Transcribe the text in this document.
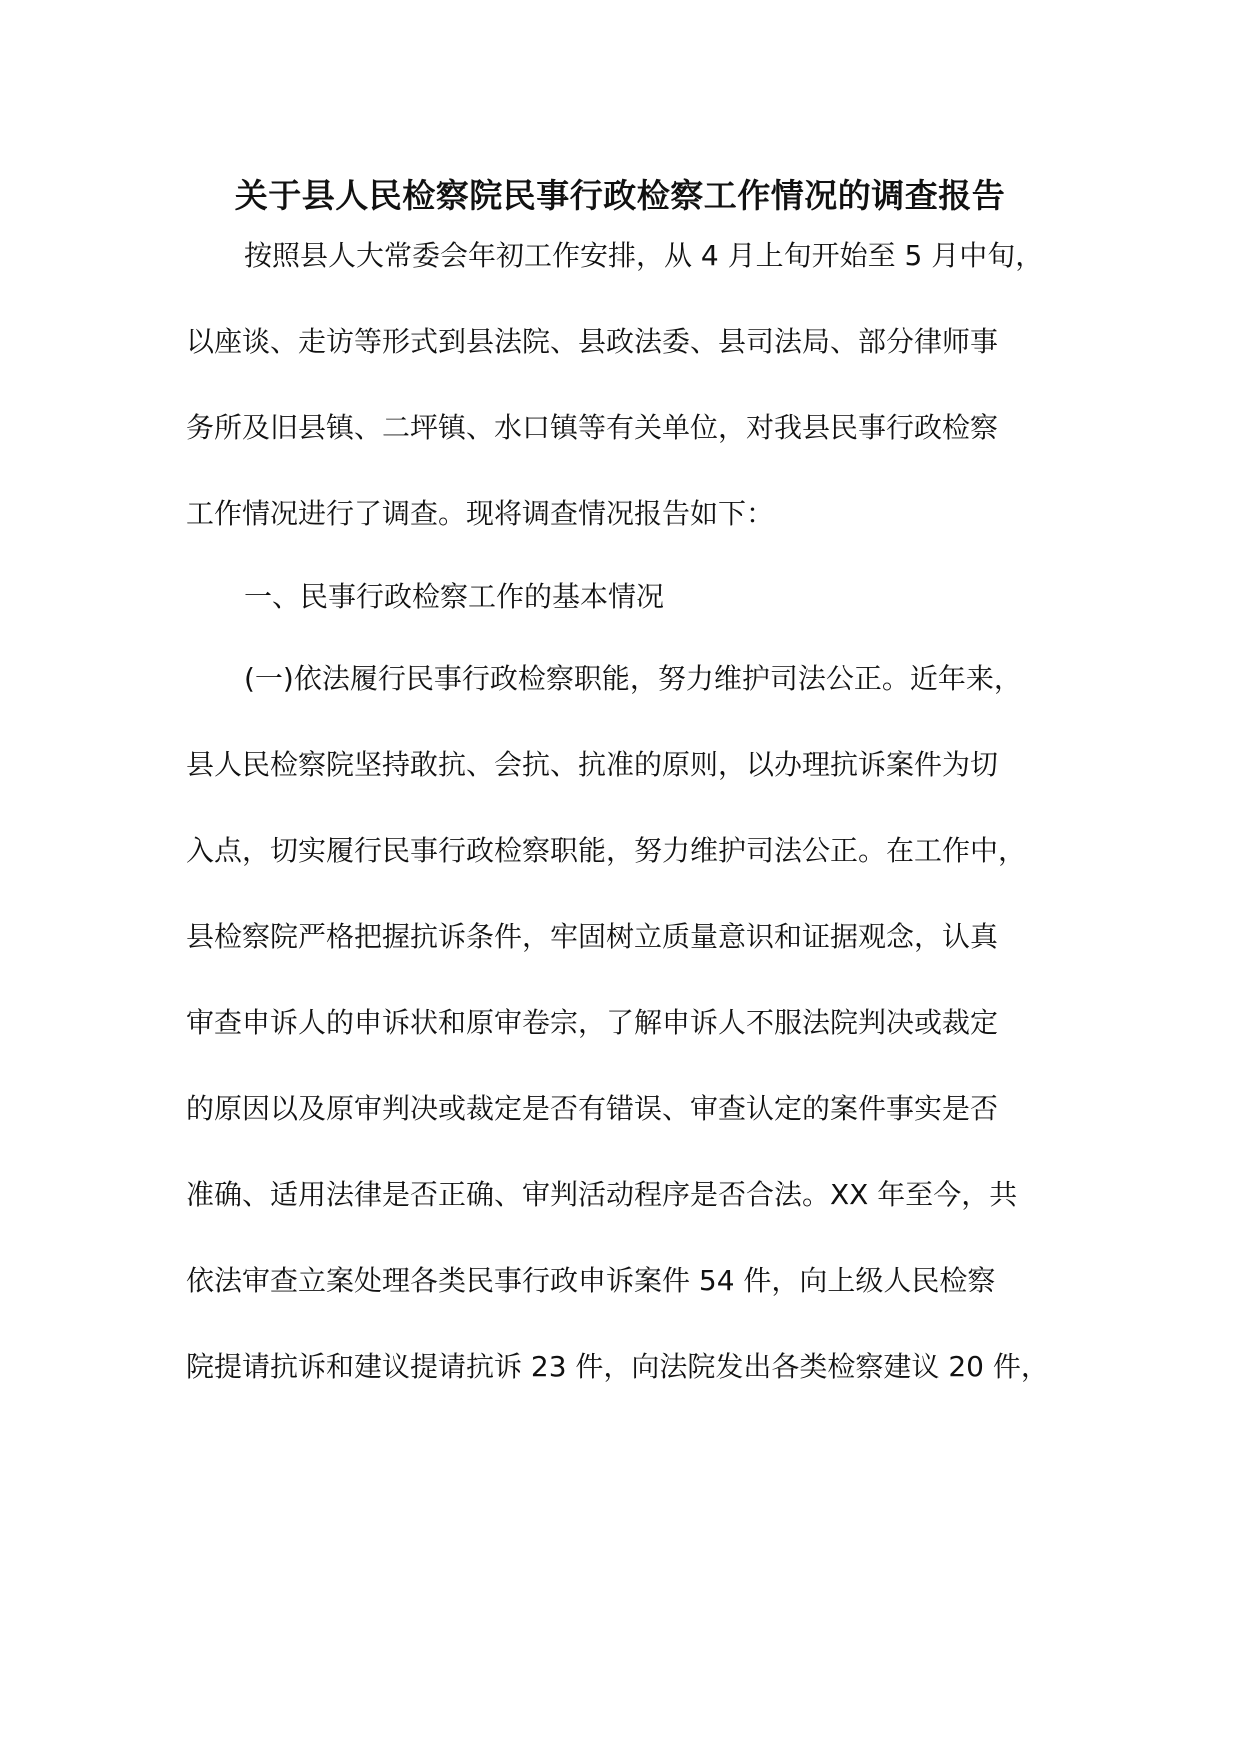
关于县人民检察院民事行政检察工作情况的调查报告
按照县人大常委会年初工作安排，从 4 月上旬开始至 5 月中旬，
以座谈、走访等形式到县法院、县政法委、县司法局、部分律师事
务所及旧县镇、二坪镇、水口镇等有关单位，对我县民事行政检察
工作情况进行了调查。现将调查情况报告如下：
一、民事行政检察工作的基本情况
(一)依法履行民事行政检察职能，努力维护司法公正。近年来，
县人民检察院坚持敢抗、会抗、抗准的原则，以办理抗诉案件为切
入点，切实履行民事行政检察职能，努力维护司法公正。在工作中，
县检察院严格把握抗诉条件，牢固树立质量意识和证据观念，认真
审查申诉人的申诉状和原审卷宗，了解申诉人不服法院判决或裁定
的原因以及原审判决或裁定是否有错误、审查认定的案件事实是否
准确、适用法律是否正确、审判活动程序是否合法。XX 年至今，共
依法审查立案处理各类民事行政申诉案件 54 件，向上级人民检察
院提请抗诉和建议提请抗诉 23 件，向法院发出各类检察建议 20 件，
